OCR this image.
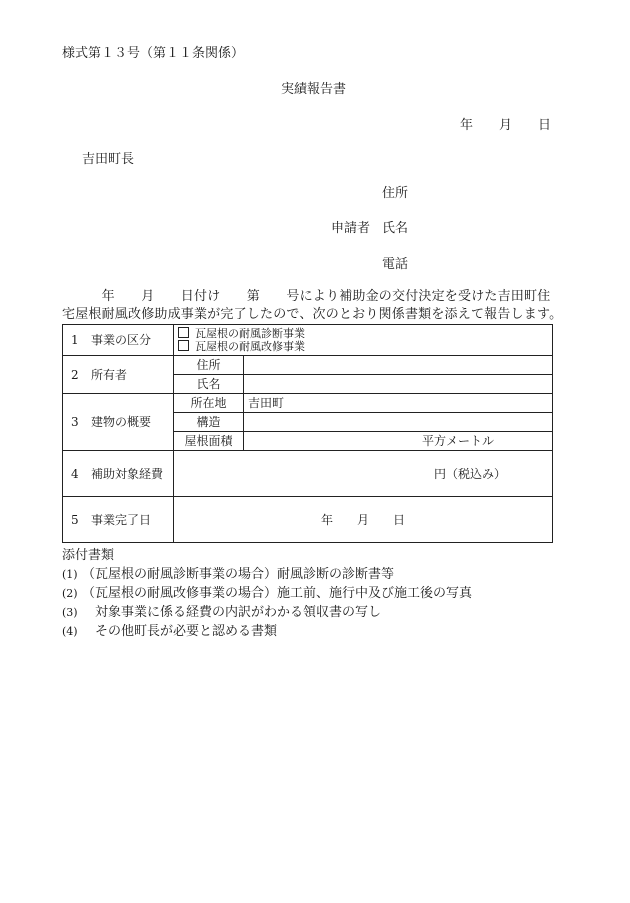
様式第１３号（第１１条関係）
実績報告書
年　　月　　日
吉田町長
住所
申請者 氏名
電話
　　　年　　月　　日付け　　第　　号により補助金の交付決定を受けた吉田町住
宅屋根耐風改修助成事業が完了したので、次のとおり関係書類を添えて報告します。
1 事業の区分	瓦屋根の耐風診断事業
瓦屋根の耐風改修事業	

2 所有者	住所	
	氏名	
3 建物の概要	所在地	吉田町
	構造	
	屋根面積	平方メートル
4 補助対象経費	円（税込み）	
5 事業完了日	年　　月　　日	
添付書類
(1) （瓦屋根の耐風診断事業の場合）耐風診断の診断書等
(2) （瓦屋根の耐風改修事業の場合）施工前、施行中及び施工後の写真
(3)　 対象事業に係る経費の内訳がわかる領収書の写し
(4)　 その他町長が必要と認める書類
